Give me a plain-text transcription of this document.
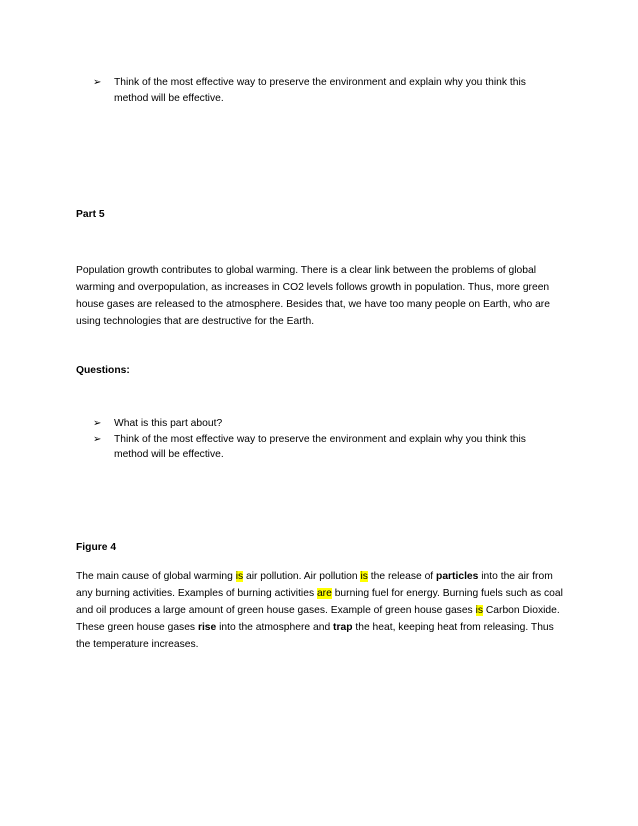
➢ Think of the most effective way to preserve the environment and explain why you think this method will be effective.
Part 5
Population growth contributes to global warming. There is a clear link between the problems of global warming and overpopulation, as increases in CO2 levels follows growth in population. Thus, more green house gases are released to the atmosphere. Besides that, we have too many people on Earth, who are using technologies that are destructive for the Earth.
Questions:
➢ What is this part about?
➢ Think of the most effective way to preserve the environment and explain why you think this method will be effective.
Figure 4
The main cause of global warming is air pollution. Air pollution is the release of particles into the air from any burning activities. Examples of burning activities are burning fuel for energy. Burning fuels such as coal and oil produces a large amount of green house gases. Example of green house gases is Carbon Dioxide. These green house gases rise into the atmosphere and trap the heat, keeping heat from releasing. Thus the temperature increases.
